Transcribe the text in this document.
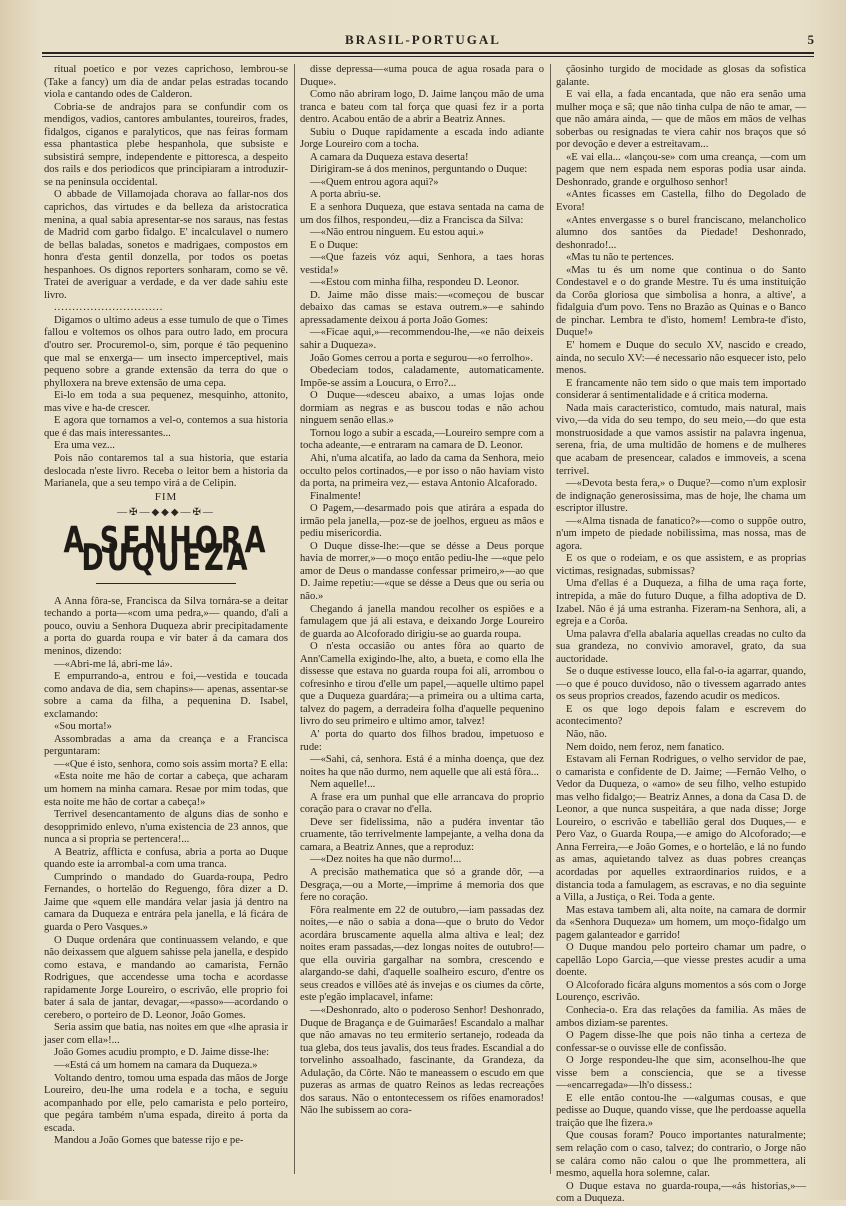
BRASIL-PORTUGAL	5

ritual poetico e por vezes caprichoso, lembrou-se (Take a fancy) um dia de andar pelas estradas tocando viola e cantando odes de Calderon.

Cobria-se de andrajos para se confundir com os mendigos, vadios, cantores ambulantes, toureiros, frades, fidalgos, ciganos e paralyticos, que nas feiras formam essa phantastica plebe hespanhola, que subsiste e subsistirá sempre, independente e pittoresca, a despeito dos rails e dos periodicos que principiaram a introduzir-se na peninsula occidental.

O abbade de Villamojada chorava ao fallar-nos dos caprichos, das virtudes e da belleza da aristocratica menina, a qual sabia apresentar-se nos saraus, nas festas de Madrid com garbo fidalgo. E' incalculavel o numero de bellas baladas, sonetos e madrigaes, compostos em honra d'esta gentil donzella, por todos os poetas hespanhoes. Os dignos reporters sonharam, como se vê. Tratei de averiguar a verdade, e da ver dade sahiu este livro.

..............................

Digamos o ultimo adeus a esse tumulo de que o Times fallou e voltemos os olhos para outro lado, em procura d'outro ser. Procuremol-o, sim, porque é tão pequenino que mal se enxerga— um insecto imperceptivel, mais pequeno sobre a grande extensão da terra do que o phylloxera na breve extensão de uma cepa.

Ei-lo em toda a sua pequenez, mesquinho, attonito, mas vive e ha-de crescer.

E agora que tornamos a vel-o, contemos a sua historia que é das mais interessantes...

Era uma vez...

Pois não contaremos tal a sua historia, que estaria deslocada n'este livro. Receba o leitor bem a historia da Marianela, que a seu tempo virá a de Celipin.

FIM

—✠—◆◆◆—✠—
A SENHORA DUQUEZA

A Anna fôra-se, Francisca da Silva tornára-se a deitar techando a porta—«com uma pedra,»— quando, d'ali a pouco, ouviu a Senhora Duqueza abrir precipitadamente a porta do guarda roupa e vir bater á da camara dos meninos, dizendo:

—«Abri-me lá, abri-me lá».

E empurrando-a, entrou e foi,—vestida e toucada como andava de dia, sem chapins»— apenas, assentar-se sobre a cama da filha, a pequenina D. Isabel, exclamando:

«Sou morta!»

Assombradas a ama da creança e a Francisca perguntaram:

—«Que é isto, senhora, como sois assim morta? E ella:

«Esta noite me hão de cortar a cabeça, que acharam um homem na minha camara. Resae por mim todas, que esta noite me hão de cortar a cabeça!»

Terrivel desencantamento de alguns dias de sonho e desopprimido enlevo, n'uma existencia de 23 annos, que nunca a si propria se pertencera!...

A Beatriz, afflicta e confusa, abria a porta ao Duque quando este ia arrombal-a com uma tranca.

Cumprindo o mandado do Guarda-roupa, Pedro Fernandes, o hortelão do Reguengo, fôra dizer a D. Jaime que «quem elle mandára velar jasia já dentro na camara da Duqueza e entrára pela janella, e lá ficára de guarda o Pero Vasques.»

O Duque ordenára que continuassem velando, e que não deixassem que alguem sahisse pela janella, e despido como estava, e mandando ao camarista, Fernão Rodrigues, que accendesse uma tocha e acordasse rapidamente Jorge Loureiro, o escrivão, elle proprio foi bater á sala de jantar, devagar,—«passo»—acordando o cerebero, o porteiro de D. Leonor, João Gomes.

Seria assim que batia, nas noites em que «lhe aprasia ir jaser com ella»!...

João Gomes acudiu prompto, e D. Jaime disse-lhe:

—«Está cá um homem na camara da Duqueza.»

Voltando dentro, tomou uma espada das mãos de Jorge Loureiro, deu-lhe uma rodela e a tocha, e seguiu acompanhado por elle, pelo camarista e pelo porteiro, que pegára também n'uma espada, direito á porta da escada.

Mandou a João Gomes que batesse rijo e pe-

disse depressa—«uma pouca de agua rosada para o Duque».

Como não abriram logo, D. Jaime lançou mão de uma tranca e bateu com tal força que quasi fez ir a porta dentro. Acabou então de a abrir a Beatriz Annes.

Subiu o Duque rapidamente a escada indo adiante Jorge Loureiro com a tocha.

A camara da Duqueza estava deserta!

Dirigiram-se á dos meninos, perguntando o Duque:

—«Quem entrou agora aqui?»

A porta abriu-se.

E a senhora Duqueza, que estava sentada na cama de um dos filhos, respondeu,—diz a Francisca da Silva:

—«Não entrou ninguem. Eu estou aqui.»

E o Duque:

—«Que fazeis vóz aqui, Senhora, a taes horas vestida!»

—«Estou com minha filha, respondeu D. Leonor.

D. Jaime mão disse mais:—«começou de buscar debaixo das camas se estava outrem.»—e sahindo apressadamente deixou á porta João Gomes:

—«Ficae aqui,»—recommendou-lhe,—«e não deixeis sahir a Duqueza».

João Gomes cerrou a porta e segurou—«o ferrolho».

Obedeciam todos, caladamente, automaticamente. Impõe-se assim a Loucura, o Erro?...

O Duque—«desceu abaixo, a umas lojas onde dormiam as negras e as buscou todas e não achou ninguem senão ellas.»

Tornou logo a subir a escada,—Loureiro sempre com a tocha adeante,—e entraram na camara de D. Leonor.

Ahi, n'uma alcatifa, ao lado da cama da Senhora, meio occulto pelos cortinados,—e por isso o não haviam visto da porta, na primeira vez,— estava Antonio Alcaforado.

Finalmente!

O Pagem,—desarmado pois que atirára a espada do irmão pela janella,—poz-se de joelhos, ergueu as mãos e pediu misericordia.

O Duque disse-lhe:—que se désse a Deus porque havia de morrer,»—o moço então pediu-lhe —«que pelo amor de Deus o mandasse confessar primeiro,»—ao que D. Jaime repetiu:—«que se désse a Deus que ou seria ou não.»

Chegando á janella mandou recolher os espiões e a famulagem que já ali estava, e deixando Jorge Loureiro de guarda ao Alcoforado dirigiu-se ao guarda roupa.

O n'esta occasião ou antes fôra ao quarto de Ann'Camella exigindo-lhe, alto, a bueta, e como ella lhe dissesse que estava no guarda roupa foi ali, arrombou o cofresinho e tirou d'elle um papel,—aquelle ultimo papel que a Duqueza guardára;—a primeira ou a ultima carta, talvez do pagem, a derradeira folha d'aquelle pequenino livro do seu primeiro e ultimo amor, talvez!

A' porta do quarto dos filhos bradou, impetuoso e rude:

—«Sahi, cá, senhora. Está é a minha doença, que dez noites ha que não durmo, nem aquelle que ali está fôra...

Nem aquelle!...

A frase era um punhal que elle arrancava do proprio coração para o cravar no d'ella.

Deve ser fidelissima, não a pudéra inventar tão cruamente, tão terrivelmente lampejante, a velha dona da camara, a Beatriz Annes, que a reproduz:

—«Dez noites ha que não durmo!...

A precisão mathematica que só a grande dôr, —a Desgraça,—ou a Morte,—imprime á memoria dos que fere no coração.

Fôra realmente em 22 de outubro,—iam passadas dez noites,—e não o sabia a dona—que o bruto do Vedor acordára bruscamente aquella alma altiva e leal; dez noites eram passadas,—dez longas noites de outubro!—que ella ouviria gargalhar na sombra, crescendo e alargando-se dahi, d'aquelle soalheiro escuro, d'entre os seus creados e villões até ás invejas e os ciumes da côrte, este p'egão implacavel, infame:

—«Deshonrado, alto o poderoso Senhor! Deshonrado, Duque de Bragança e de Guimarães! Escandalo a malhar que não amavas no teu ermiterio sertanejo, rodeada da tua gleba, dos teus javalis, dos teus frades. Escandial a do torvelinho assoalhado, fascinante, da Grandeza, da Adulação, da Côrte. Não te maneassem o escudo em que puzeras as armas de quatro Reinos as ledas recreações dos saraus. Não o entontecessem os rifões enamorados! Não lhe subissem ao cora-

çãosinho turgido de mocidade as glosas da sofistica galante.

E vai ella, a fada encantada, que não era senão uma mulher moça e sã; que não tinha culpa de não te amar, — que não amára ainda, — que de mãos em mãos de velhas soberbas ou resignadas te viera cahir nos braços que só por devoção e dever a estreitavam...

«E vai ella... «lançou-se» com uma creança, —com um pagem que nem espada nem esporas podia usar ainda. Deshonrado, grande e orgulhoso senhor!

«Antes ficasses em Castella, filho do Degolado de Evora!

«Antes envergasse s o burel franciscano, melancholico alumno dos santões da Piedade! Deshonrado, deshonrado!...

«Mas tu não te pertences.

«Mas tu és um nome que continua o do Santo Condestavel e o do grande Mestre. Tu és uma instituição da Corôa gloriosa que simbolisa a honra, a altive', a fidalguia d'um povo. Tens no Brazão as Quinas e o Banco de pinchar. Lembra te d'isto, homem! Lembra-te d'isto, Duque!»

E' homem e Duque do seculo XV, nascido e creado, ainda, no seculo XV:—é necessario não esquecer isto, pelo menos.

E francamente não tem sido o que mais tem importado considerar á sentimentalidade e á critica moderna.

Nada mais caracteristico, comtudo, mais natural, mais vivo,—da vida do seu tempo, do seu meio,—do que esta monstruosidade a que vamos assistir na palavra ingenua, serena, fria, de uma multidão de homens e de mulheres que acabam de presencear, calados e immoveis, a scena terrivel.

—«Devota besta fera,» o Duque?—como n'um explosir de indignação generosissima, mas de hoje, lhe chama um escriptor illustre.

—«Alma tisnada de fanatico?»—como o suppõe outro, n'um impeto de piedade nobilissima, mas nossa, mas de agora.

E os que o rodeiam, e os que assistem, e as proprias victimas, resignadas, submissas?

Uma d'ellas é a Duqueza, a filha de uma raça forte, intrepida, a mãe do futuro Duque, a filha adoptiva de D. Izabel. Não é já uma estranha. Fizeram-na Senhora, ali, a egreja e a Corôa.

Uma palavra d'ella abalaria aquellas creadas no culto da sua grandeza, no convivio amoravel, grato, da sua auctoridade.

Se o duque estivesse louco, ella fal-o-ia agarrar, quando,—o que é pouco duvidoso, não o tivessem agarrado antes os seus proprios creados, fazendo acudir os medicos.

E os que logo depois falam e escrevem do acontecimento?

Não, não.

Nem doido, nem feroz, nem fanatico.

Estavam ali Fernan Rodrigues, o velho servidor de pae, o camarista e confidente de D. Jaime; —Fernão Velho, o Vedor da Duqueza, o «amo» de seu filho, velho estupido mas velho fidalgo;— Beatriz Annes, a dona da Casa D. de Leonor, a que nunca suspeitára, a que nada disse; Jorge Loureiro, o escrivão e tabellião geral dos Duques,— e Pero Vaz, o Guarda Roupa,—e amigo do Alcoforado;—e Anna Ferreira,—e João Gomes, e o hortelão, e lá no fundo as amas, aquietando talvez as duas pobres creanças acordadas por aquelles extraordinarios ruidos, e a distancia toda a famulagem, as escravas, e no dia seguinte a Villa, a Justiça, o Rei. Toda a gente.

Mas estava tambem ali, alta noite, na camara de dormir da «Senhora Duqueza» um homem, um moço-fidalgo um pagem galanteador e garrido!

O Duque mandou pelo porteiro chamar um padre, o capellão Lopo Garcia,—que viesse prestes acudir a uma doente.

O Alcoforado ficára alguns momentos a sós com o Jorge Lourenço, escrivão.

Conhecia-o. Era das relações da familia. As mães de ambos diziam-se parentes.

O Pagem disse-lhe que pois não tinha a certeza de confessar-se o ouvisse elle de confissão.

O Jorge respondeu-lhe que sim, aconselhou-lhe que visse bem a consciencia, que se a tivesse —«encarregada»—lh'o dissess.:

E elle então contou-lhe —«algumas cousas, e que pedisse ao Duque, quando visse, que lhe perdoasse aquella traição que lhe fizera.»

Que cousas foram? Pouco importantes naturalmente; sem relação com o caso, talvez; do contrario, o Jorge não se calára como não calou o que lhe prommettera, ali mesmo, aquella hora solemne, calar.

O Duque estava no guarda-roupa,—«ás historias,»—com a Duqueza.
